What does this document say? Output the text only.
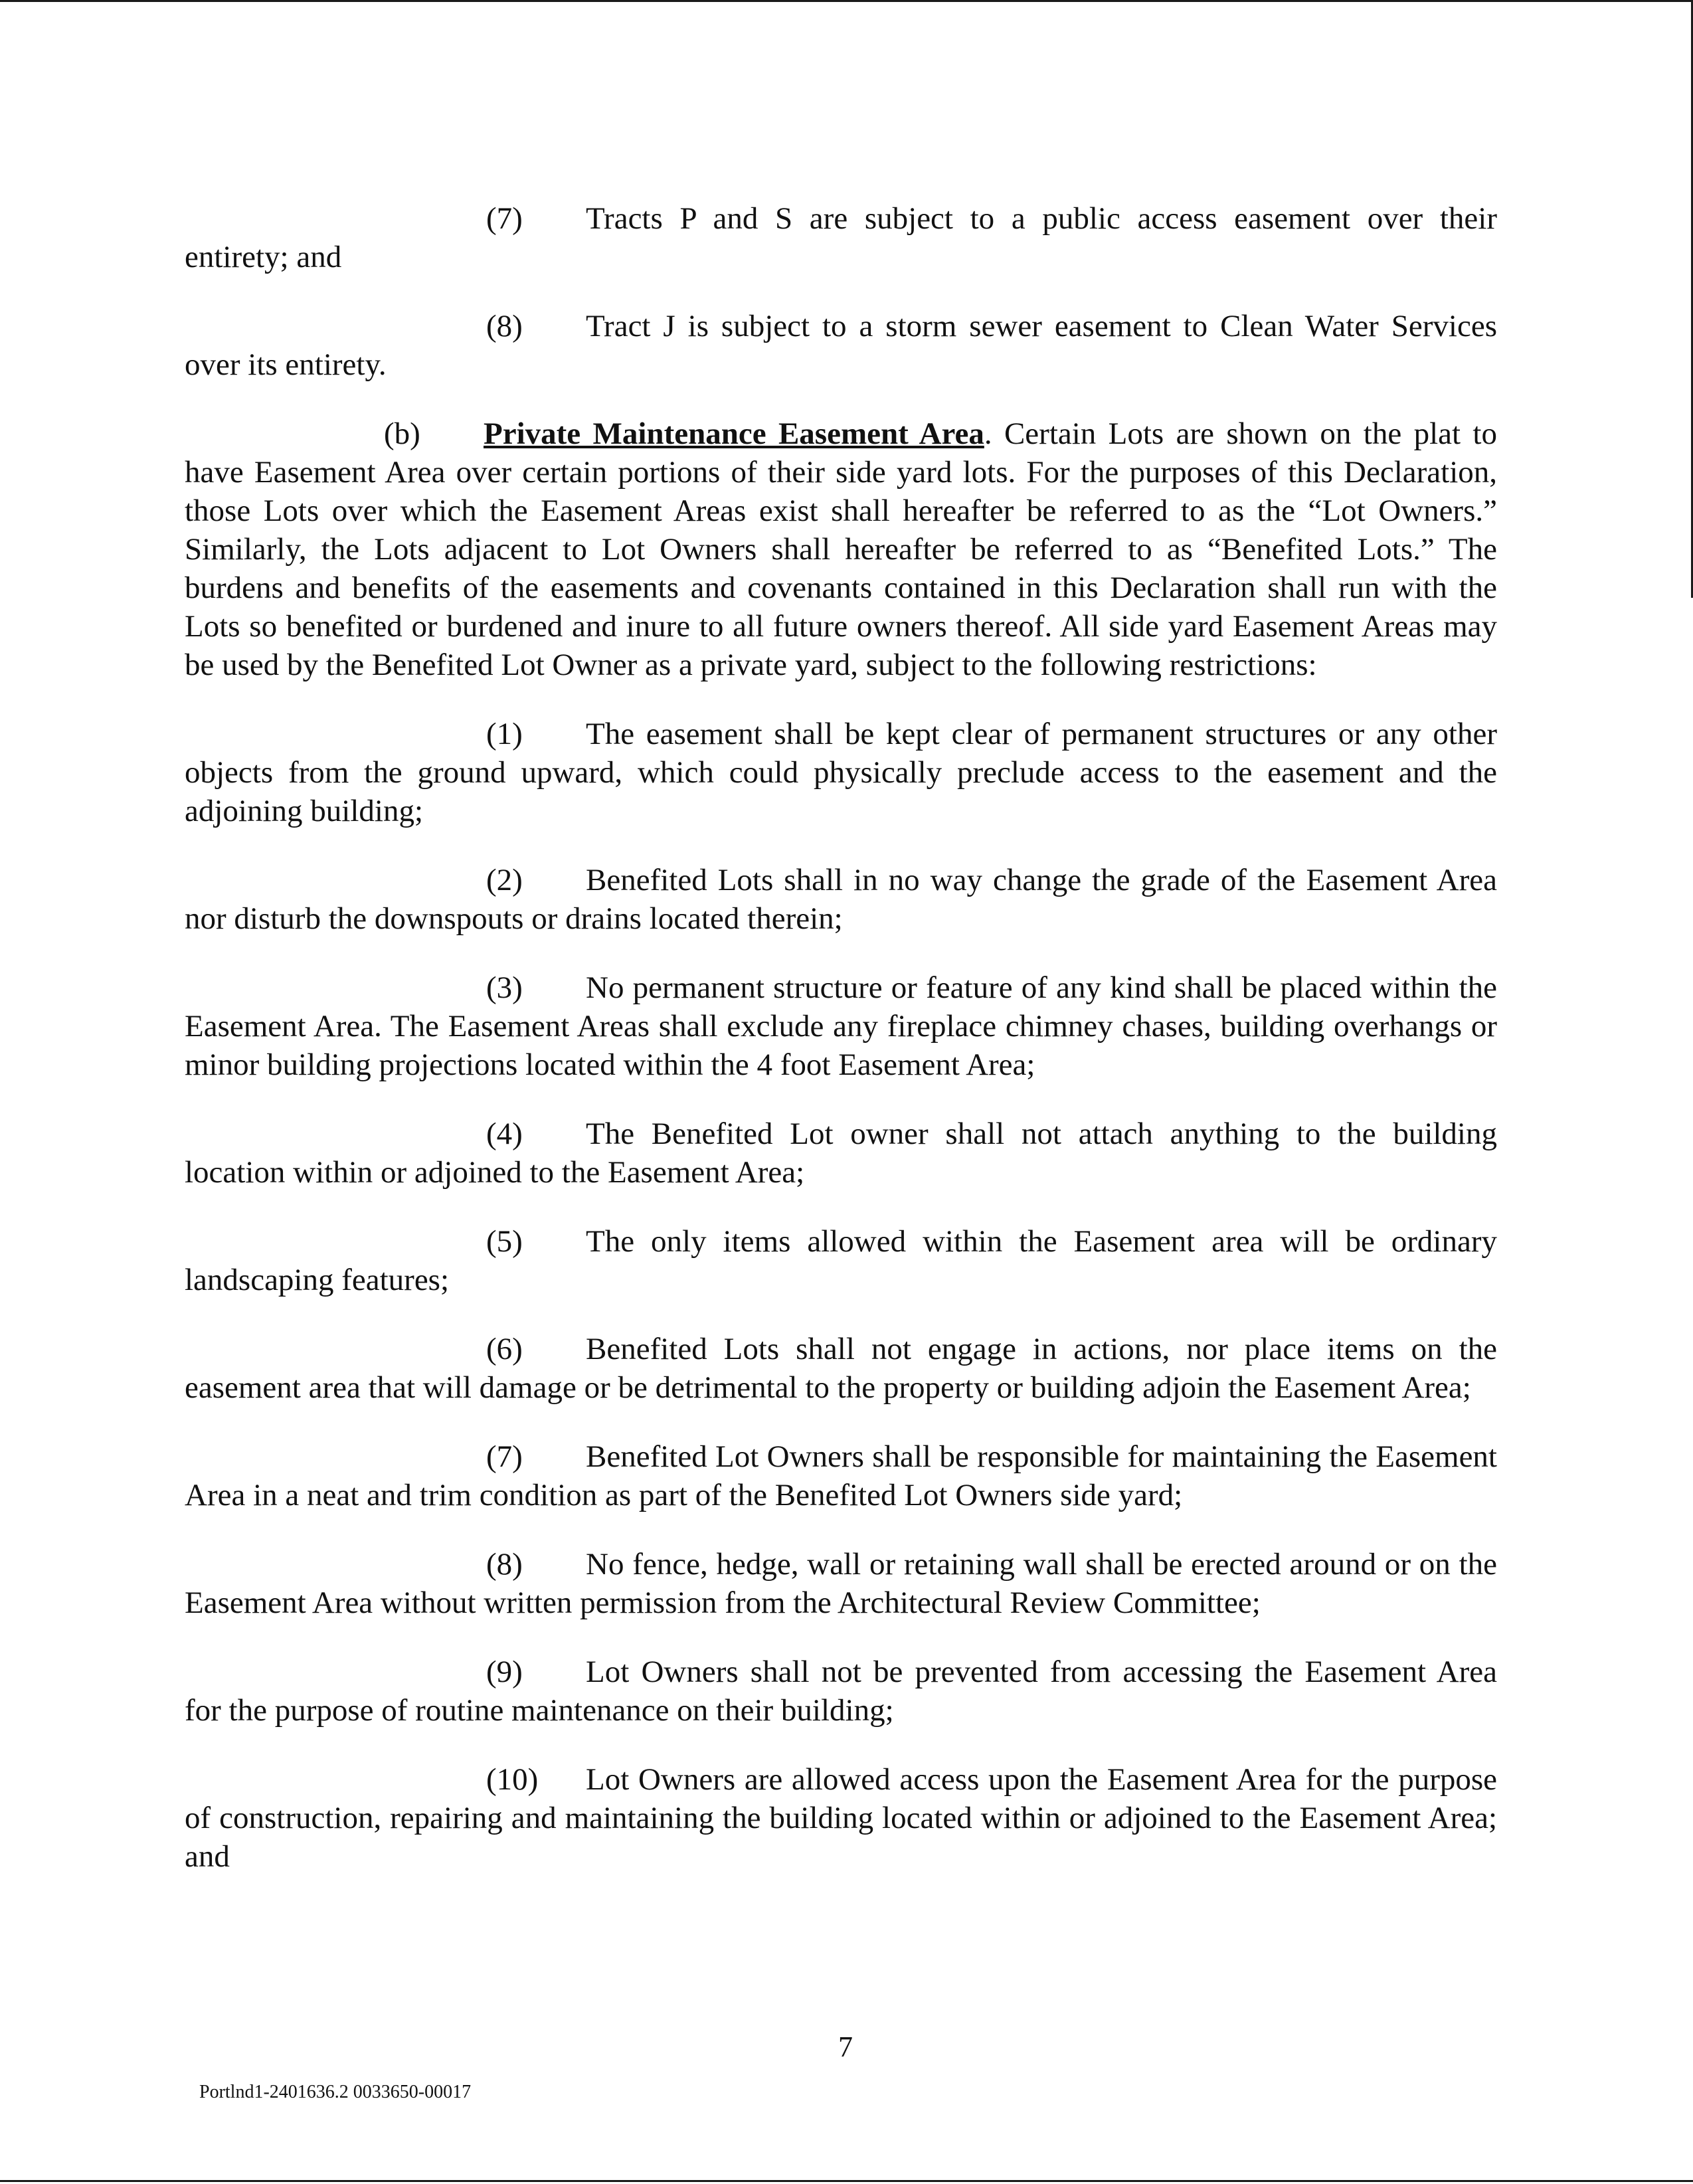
(7) Tracts P and S are subject to a public access easement over their entirety; and

(8) Tract J is subject to a storm sewer easement to Clean Water Services over its entirety.

(b) Private Maintenance Easement Area. Certain Lots are shown on the plat to have Easement Area over certain portions of their side yard lots. For the purposes of this Declaration, those Lots over which the Easement Areas exist shall hereafter be referred to as the “Lot Owners.” Similarly, the Lots adjacent to Lot Owners shall hereafter be referred to as “Benefited Lots.” The burdens and benefits of the easements and covenants contained in this Declaration shall run with the Lots so benefited or burdened and inure to all future owners thereof. All side yard Easement Areas may be used by the Benefited Lot Owner as a private yard, subject to the following restrictions:

(1) The easement shall be kept clear of permanent structures or any other objects from the ground upward, which could physically preclude access to the easement and the adjoining building;

(2) Benefited Lots shall in no way change the grade of the Easement Area nor disturb the downspouts or drains located therein;

(3) No permanent structure or feature of any kind shall be placed within the Easement Area. The Easement Areas shall exclude any fireplace chimney chases, building overhangs or minor building projections located within the 4 foot Easement Area;

(4) The Benefited Lot owner shall not attach anything to the building location within or adjoined to the Easement Area;

(5) The only items allowed within the Easement area will be ordinary landscaping features;

(6) Benefited Lots shall not engage in actions, nor place items on the easement area that will damage or be detrimental to the property or building adjoin the Easement Area;

(7) Benefited Lot Owners shall be responsible for maintaining the Easement Area in a neat and trim condition as part of the Benefited Lot Owners side yard;

(8) No fence, hedge, wall or retaining wall shall be erected around or on the Easement Area without written permission from the Architectural Review Committee;

(9) Lot Owners shall not be prevented from accessing the Easement Area for the purpose of routine maintenance on their building;

(10) Lot Owners are allowed access upon the Easement Area for the purpose of construction, repairing and maintaining the building located within or adjoined to the Easement Area; and

7
Portlnd1-2401636.2 0033650-00017
